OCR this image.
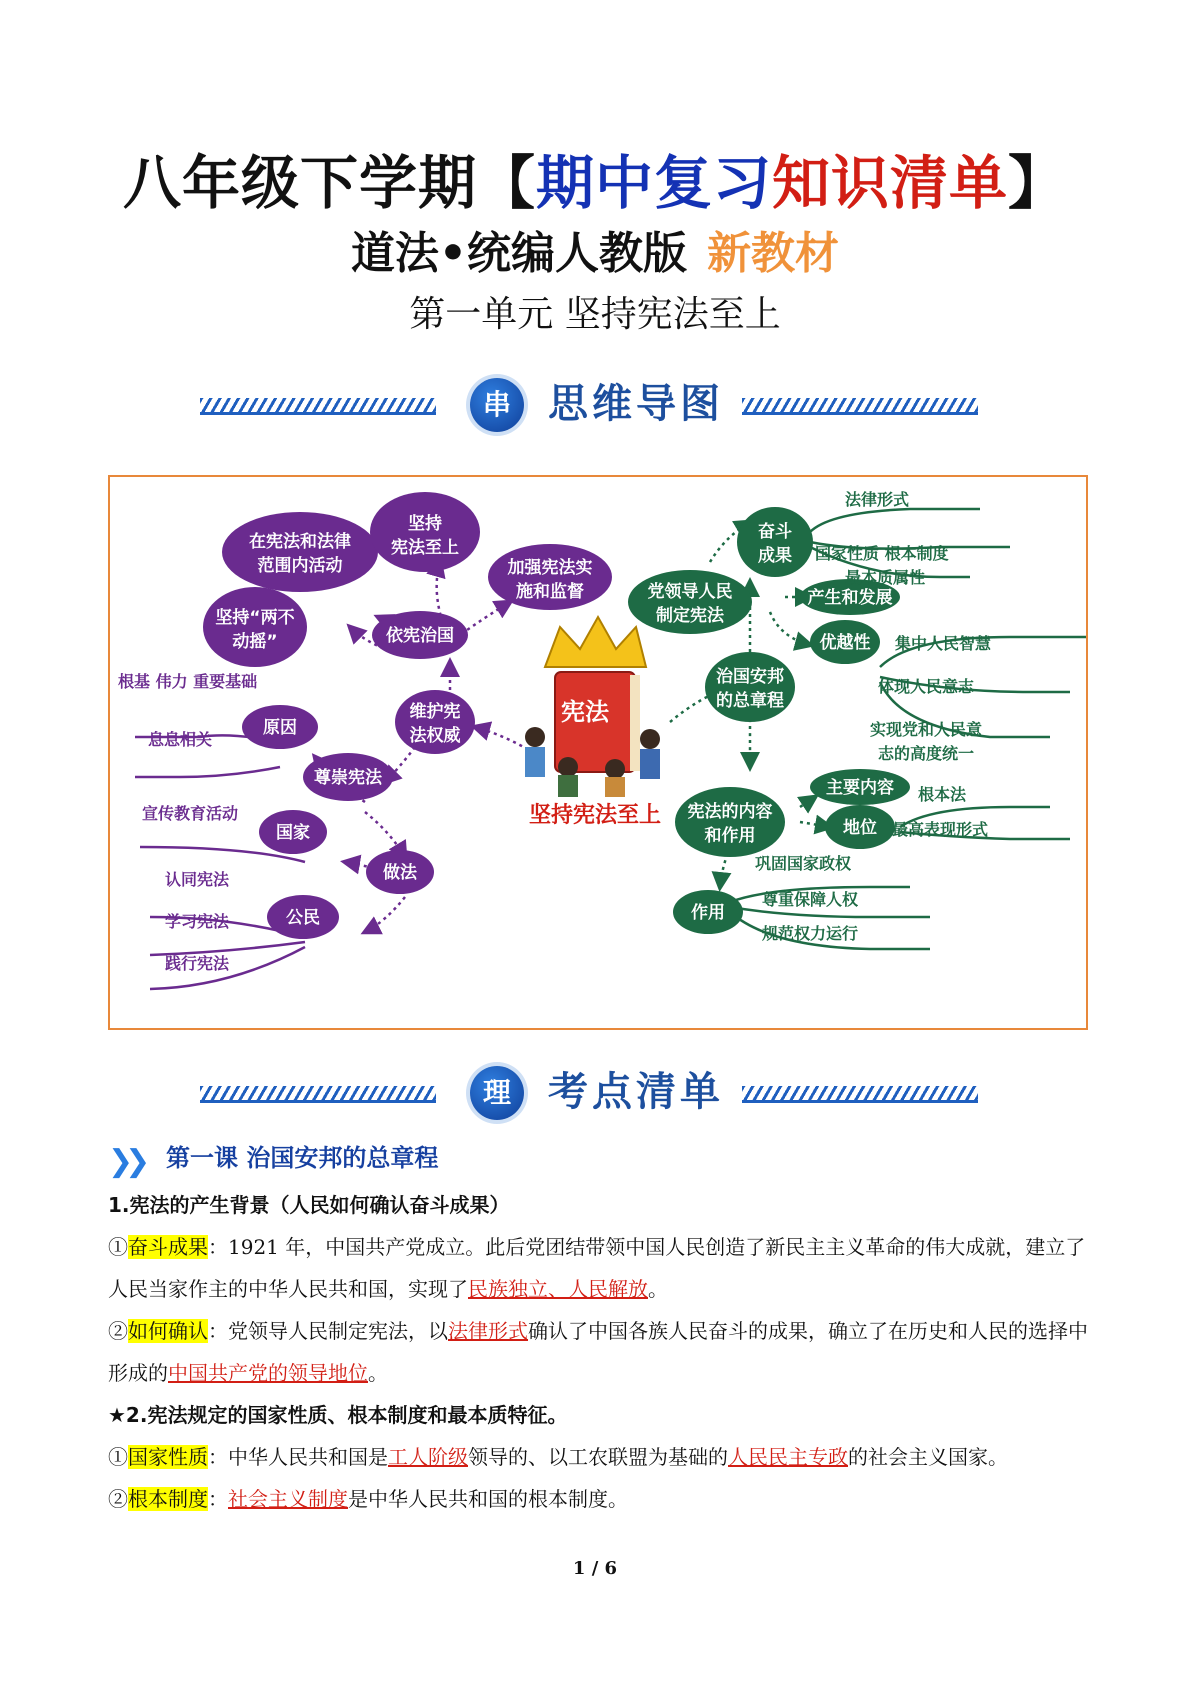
八年级下学期【期中复习知识清单】
道法•统编人教版 新教材
第一单元 坚持宪法至上
串 思维导图
在宪法和法律
范围内活动
坚持
宪法至上
加强宪法实
施和监督
坚持“两不
动摇”	依宪治国
维护宪
法权威
尊崇宪法
原因
做法
国家
公民
根基 伟力 重要基础
息息相关
宣传教育活动
认同宪法
学习宪法
践行宪法
宪法
坚持宪法至上
奋斗
成果
党领导人民
制定宪法
治国安邦
的总章程
优越性
产生和发展
宪法的内容
和作用
主要内容
地位
作用
法律形式
国家性质 根本制度
最本质属性
集中人民智慧
体现人民意志
实现党和人民意
志的高度统一
根本法
最高表现形式
巩固国家政权
尊重保障人权
规范权力运行
理 考点清单
❯❯ 第一课 治国安邦的总章程
1.宪法的产生背景（人民如何确认奋斗成果）
①奋斗成果：1921 年，中国共产党成立。此后党团结带领中国人民创造了新民主主义革命的伟大成就，建立了人民当家作主的中华人民共和国，实现了民族独立、人民解放。
②如何确认：党领导人民制定宪法，以法律形式确认了中国各族人民奋斗的成果，确立了在历史和人民的选择中形成的中国共产党的领导地位。
★2.宪法规定的国家性质、根本制度和最本质特征。
①国家性质：中华人民共和国是工人阶级领导的、以工农联盟为基础的人民民主专政的社会主义国家。
②根本制度：社会主义制度是中华人民共和国的根本制度。
1 / 6
